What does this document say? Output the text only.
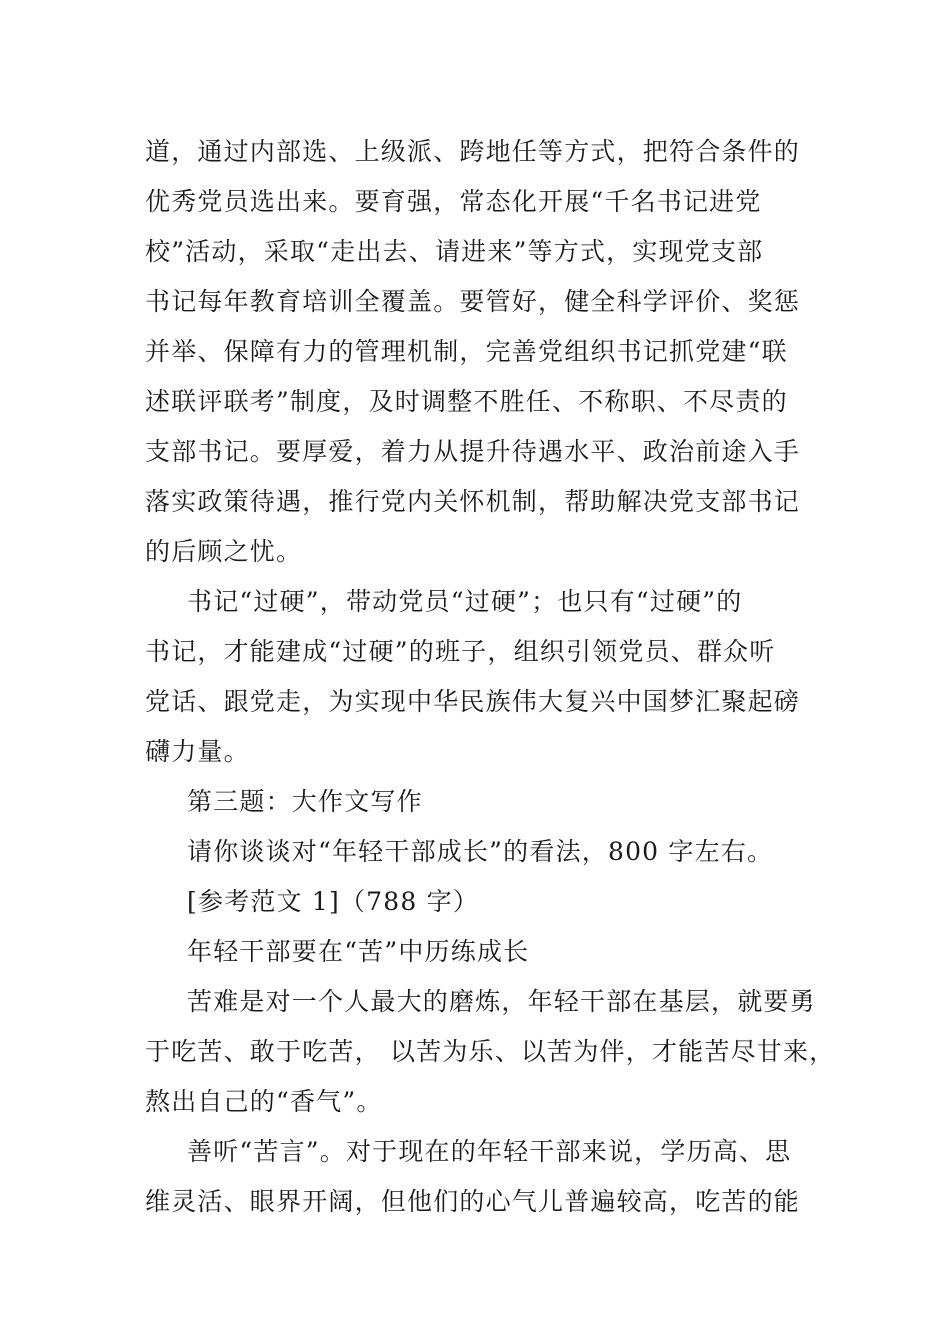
道，通过内部选、上级派、跨地任等方式，把符合条件的
优秀党员选出来。要育强，常态化开展“千名书记进党
校”活动，采取“走出去、请进来”等方式，实现党支部
书记每年教育培训全覆盖。要管好，健全科学评价、奖惩
并举、保障有力的管理机制，完善党组织书记抓党建“联
述联评联考”制度，及时调整不胜任、不称职、不尽责的
支部书记。要厚爱，着力从提升待遇水平、政治前途入手
落实政策待遇，推行党内关怀机制，帮助解决党支部书记
的后顾之忧。
书记“过硬”，带动党员“过硬”；也只有“过硬”的
书记，才能建成“过硬”的班子，组织引领党员、群众听
党话、跟党走，为实现中华民族伟大复兴中国梦汇聚起磅
礴力量。
第三题：大作文写作
请你谈谈对“年轻干部成长”的看法，800 字左右。
[参考范文 1]（788 字）
年轻干部要在“苦”中历练成长
苦难是对一个人最大的磨炼，年轻干部在基层，就要勇
于吃苦、敢于吃苦， 以苦为乐、以苦为伴，才能苦尽甘来，
熬出自己的“香气”。
善听“苦言”。对于现在的年轻干部来说，学历高、思
维灵活、眼界开阔，但他们的心气儿普遍较高，吃苦的能
